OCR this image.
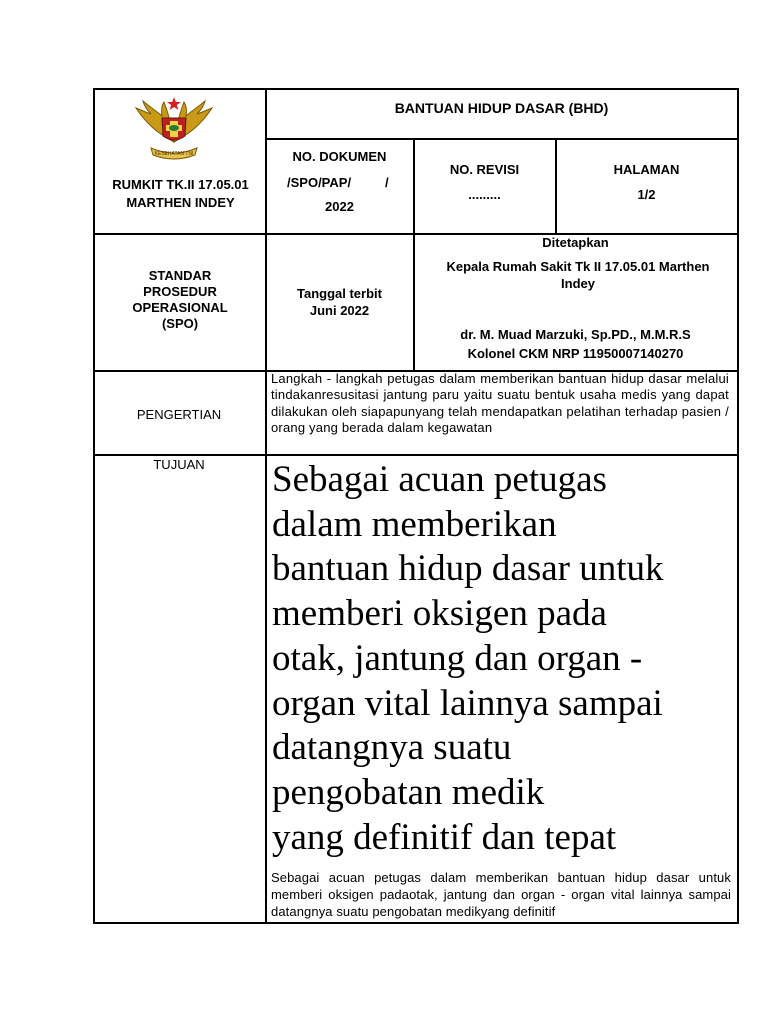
KESEHATAN TNI
RUMKIT TK.II 17.05.01 MARTHEN INDEY
BANTUAN HIDUP DASAR (BHD)
NO. DOKUMEN
/SPO/PAP/	/
2022
NO. REVISI
.........
HALAMAN
1/2
STANDAR PROSEDUR OPERASIONAL (SPO)
Tanggal terbit
Juni 2022
Ditetapkan
Kepala Rumah Sakit Tk II 17.05.01 Marthen Indey
dr. M. Muad Marzuki, Sp.PD., M.M.R.S
Kolonel CKM NRP 11950007140270
PENGERTIAN
Langkah - langkah petugas dalam memberikan bantuan hidup dasar melalui tindakanresusitasi jantung paru yaitu suatu bentuk usaha medis yang dapat dilakukan oleh siapapunyang telah mendapatkan pelatihan terhadap pasien / orang yang berada dalam kegawatan
TUJUAN	Sebagai acuan petugas
dalam memberikan
bantuan hidup dasar untuk
memberi oksigen pada
otak, jantung dan organ -
organ vital lainnya sampai
datangnya suatu
pengobatan medik
yang definitif dan tepat
Sebagai acuan petugas dalam memberikan bantuan hidup dasar untuk memberi oksigen padaotak, jantung dan organ - organ vital lainnya sampai datangnya suatu pengobatan medikyang definitif
